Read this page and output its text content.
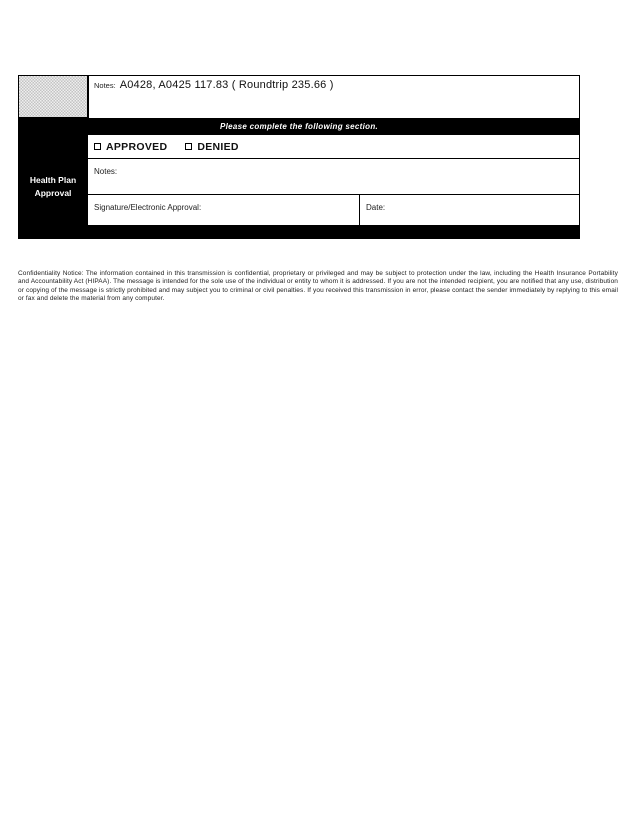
Notes: A0428, A0425 117.83 ( Roundtrip 235.66 )
Please complete the following section.
Health Plan Approval
APPROVED	DENIED
Notes:
Signature/Electronic Approval:	Date:
Confidentiality Notice: The information contained in this transmission is confidential, proprietary or privileged and may be subject to protection under the law, including the Health Insurance Portability and Accountability Act (HIPAA). The message is intended for the sole use of the individual or entity to whom it is addressed. If you are not the intended recipient, you are notified that any use, distribution or copying of the message is strictly prohibited and may subject you to criminal or civil penalties. If you received this transmission in error, please contact the sender immediately by replying to this email or fax and delete the material from any computer.
